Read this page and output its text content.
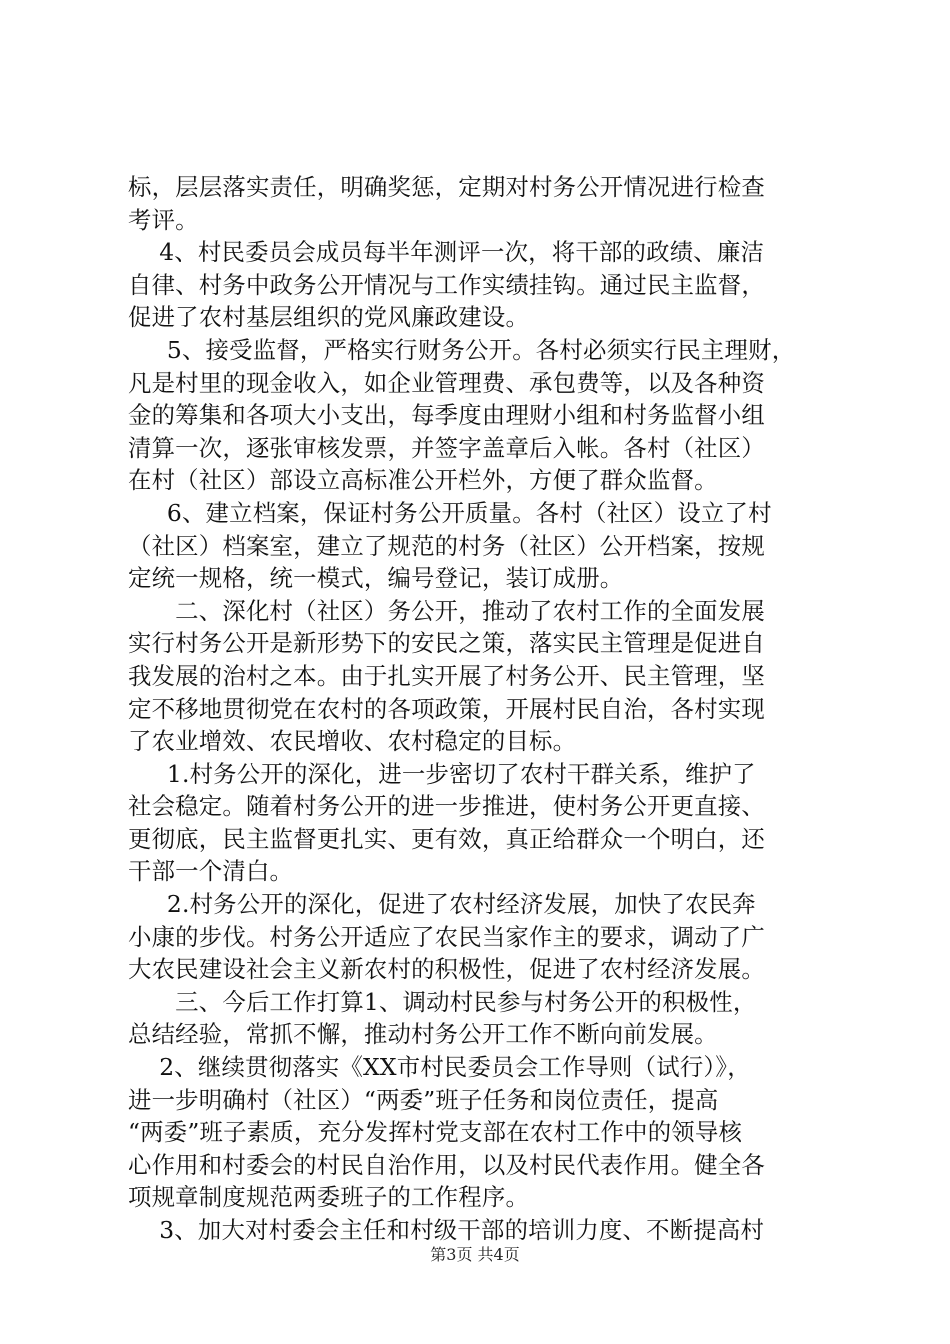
标，层层落实责任，明确奖惩，定期对村务公开情况进行检查
考评。
　 4、村民委员会成员每半年测评一次，将干部的政绩、廉洁
自律、村务中政务公开情况与工作实绩挂钩。通过民主监督，
促进了农村基层组织的党风廉政建设。
　  5、接受监督，严格实行财务公开。各村必须实行民主理财，
凡是村里的现金收入，如企业管理费、承包费等，以及各种资
金的筹集和各项大小支出，每季度由理财小组和村务监督小组
清算一次，逐张审核发票，并签字盖章后入帐。各村（社区）
在村（社区）部设立高标准公开栏外，方便了群众监督。
　  6、建立档案，保证村务公开质量。各村（社区）设立了村
（社区）档案室，建立了规范的村务（社区）公开档案，按规
定统一规格，统一模式，编号登记，装订成册。
　　二、深化村（社区）务公开，推动了农村工作的全面发展
实行村务公开是新形势下的安民之策，落实民主管理是促进自
我发展的治村之本。由于扎实开展了村务公开、民主管理，坚
定不移地贯彻党在农村的各项政策，开展村民自治，各村实现
了农业增效、农民增收、农村稳定的目标。
　  1.村务公开的深化，进一步密切了农村干群关系，维护了
社会稳定。随着村务公开的进一步推进，使村务公开更直接、
更彻底，民主监督更扎实、更有效，真正给群众一个明白，还
干部一个清白。
　  2.村务公开的深化，促进了农村经济发展，加快了农民奔
小康的步伐。村务公开适应了农民当家作主的要求，调动了广
大农民建设社会主义新农村的积极性，促进了农村经济发展。
　　三、今后工作打算1、调动村民参与村务公开的积极性，
总结经验，常抓不懈，推动村务公开工作不断向前发展。
　 2、继续贯彻落实《XX市村民委员会工作导则（试行）》，
进一步明确村（社区）“两委”班子任务和岗位责任，提高
“两委”班子素质，充分发挥村党支部在农村工作中的领导核
心作用和村委会的村民自治作用，以及村民代表作用。健全各
项规章制度规范两委班子的工作程序。
　 3、加大对村委会主任和村级干部的培训力度、不断提高村
第3页 共4页
